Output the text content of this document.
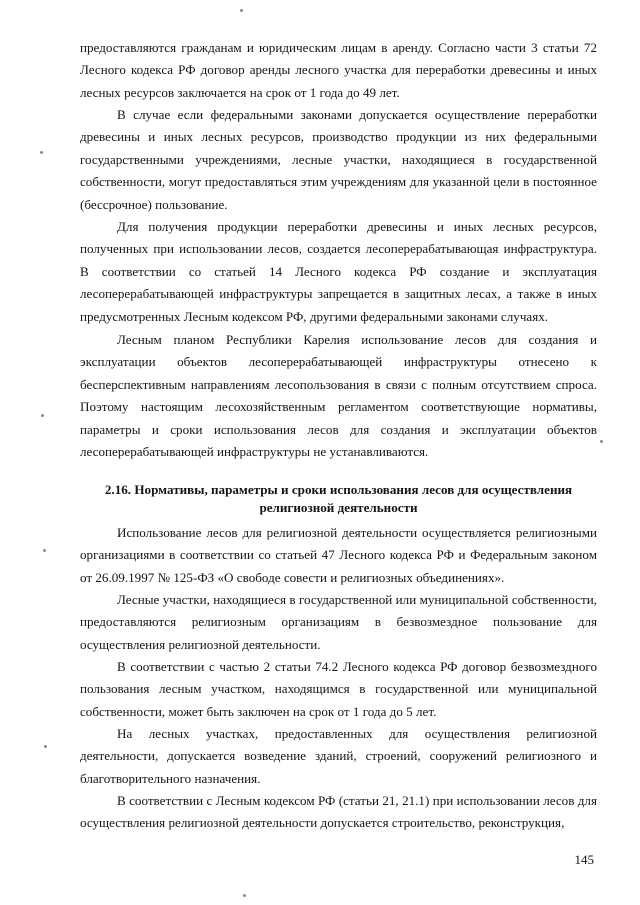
предоставляются гражданам и юридическим лицам в аренду. Согласно части 3 статьи 72 Лесного кодекса РФ договор аренды лесного участка для переработки древесины и иных лесных ресурсов заключается на срок от 1 года до 49 лет.

В случае если федеральными законами допускается осуществление переработки древесины и иных лесных ресурсов, производство продукции из них федеральными государственными учреждениями, лесные участки, находящиеся в государственной собственности, могут предоставляться этим учреждениям для указанной цели в постоянное (бессрочное) пользование.

Для получения продукции переработки древесины и иных лесных ресурсов, полученных при использовании лесов, создается лесоперерабатывающая инфраструктура. В соответствии со статьей 14 Лесного кодекса РФ создание и эксплуатация лесоперерабатывающей инфраструктуры запрещается в защитных лесах, а также в иных предусмотренных Лесным кодексом РФ, другими федеральными законами случаях.

Лесным планом Республики Карелия использование лесов для создания и эксплуатации объектов лесоперерабатывающей инфраструктуры отнесено к бесперспективным направлениям лесопользования в связи с полным отсутствием спроса. Поэтому настоящим лесохозяйственным регламентом соответствующие нормативы, параметры и сроки использования лесов для создания и эксплуатации объектов лесоперерабатывающей инфраструктуры не устанавливаются.

2.16. Нормативы, параметры и сроки использования лесов для осуществления религиозной деятельности

Использование лесов для религиозной деятельности осуществляется религиозными организациями в соответствии со статьей 47 Лесного кодекса РФ и Федеральным законом от 26.09.1997 № 125-ФЗ «О свободе совести и религиозных объединениях».

Лесные участки, находящиеся в государственной или муниципальной собственности, предоставляются религиозным организациям в безвозмездное пользование для осуществления религиозной деятельности.

В соответствии с частью 2 статьи 74.2 Лесного кодекса РФ договор безвозмездного пользования лесным участком, находящимся в государственной или муниципальной собственности, может быть заключен на срок от 1 года до 5 лет.

На лесных участках, предоставленных для осуществления религиозной деятельности, допускается возведение зданий, строений, сооружений религиозного и благотворительного назначения.

В соответствии с Лесным кодексом РФ (статьи 21, 21.1) при использовании лесов для осуществления религиозной деятельности допускается строительство, реконструкция,

145
